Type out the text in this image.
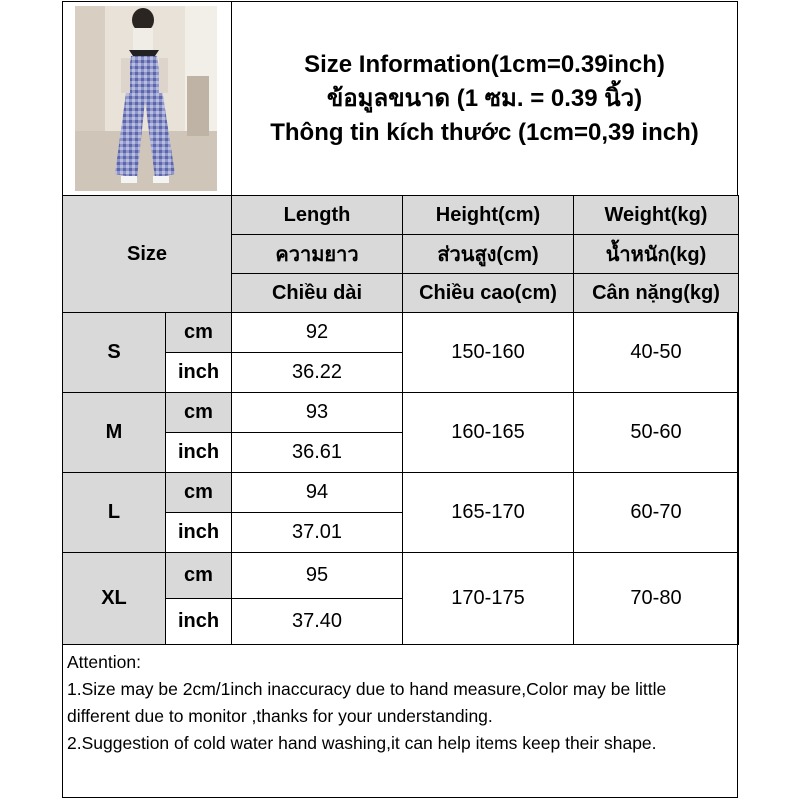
Size Information(1cm=0.39inch)
ข้อมูลขนาด (1 ซม. = 0.39 นิ้ว)
Thông tin kích thước (1cm=0,39 inch)
Size		Length	Height(cm)	Weight(kg)
		ความยาว	ส่วนสูง(cm)	น้ำหนัก(kg)
		Chiều dài	Chiều cao(cm)	Cân nặng(kg)
S	cm	92	150-160	40-50
	inch	36.22		
M	cm	93	160-165	50-60
	inch	36.61		
L	cm	94	165-170	60-70
	inch	37.01		
XL	cm	95	170-175	70-80
	inch	37.40		

Attention:

1.Size may be 2cm/1inch inaccuracy due to hand measure,Color may be little different due to monitor ,thanks for your understanding.

2.Suggestion of cold water hand washing,it can help items keep their shape.
